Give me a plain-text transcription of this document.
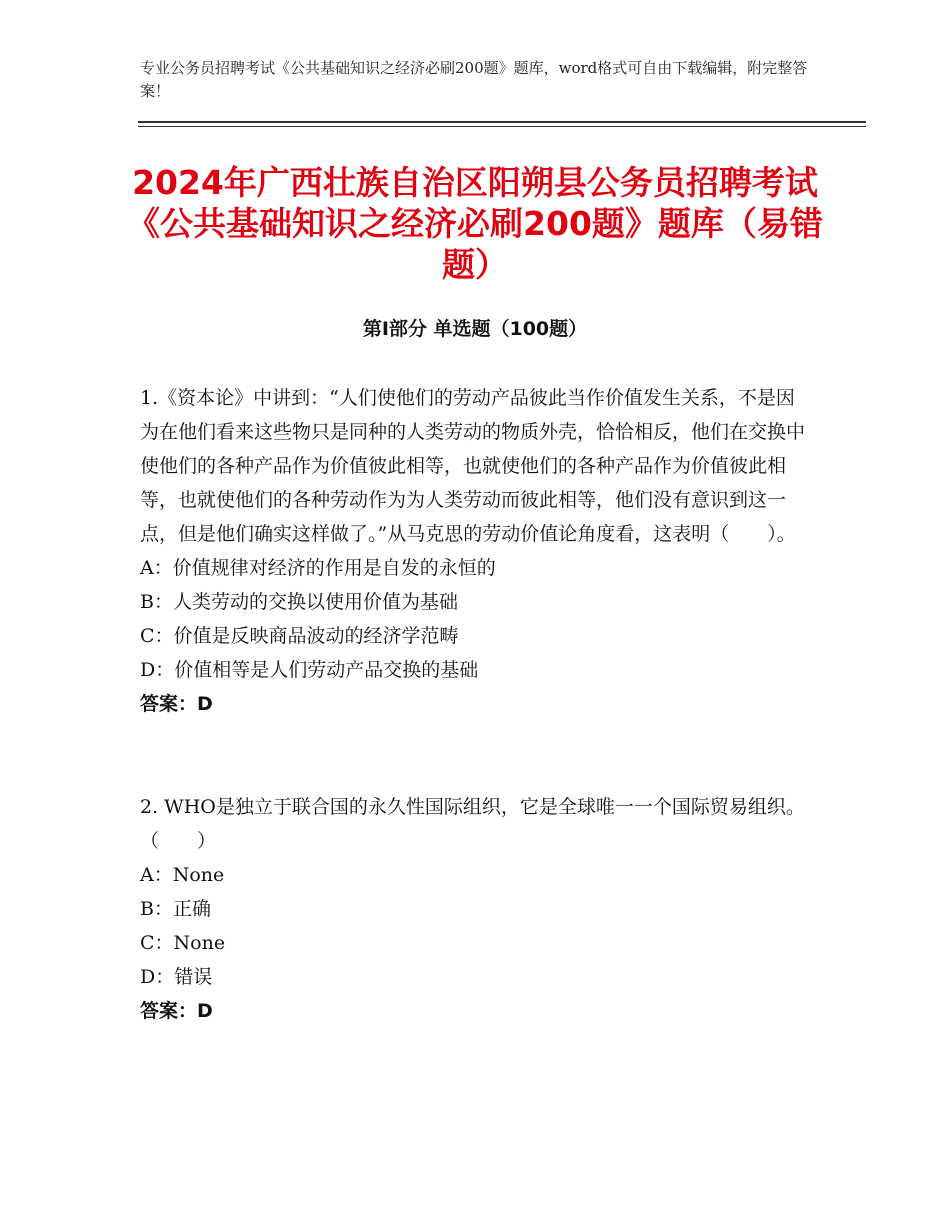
专业公务员招聘考试《公共基础知识之经济必刷200题》题库，word格式可自由下载编辑，附完整答案！
2024年广西壮族自治区阳朔县公务员招聘考试《公共基础知识之经济必刷200题》题库（易错题）
第Ⅰ部分 单选题（100题）

1.《资本论》中讲到：“人们使他们的劳动产品彼此当作价值发生关系，不是因为在他们看来这些物只是同种的人类劳动的物质外壳，恰恰相反，他们在交换中使他们的各种产品作为价值彼此相等，也就使他们的各种产品作为价值彼此相等，也就使他们的各种劳动作为为人类劳动而彼此相等，他们没有意识到这一点，但是他们确实这样做了。”从马克思的劳动价值论角度看，这表明（　　）。

A：价值规律对经济的作用是自发的永恒的

B：人类劳动的交换以使用价值为基础

C：价值是反映商品波动的经济学范畴

D：价值相等是人们劳动产品交换的基础

答案：D

2. WHO是独立于联合国的永久性国际组织，它是全球唯一一个国际贸易组织。（　　）

A：None

B：正确

C：None

D：错误

答案：D
